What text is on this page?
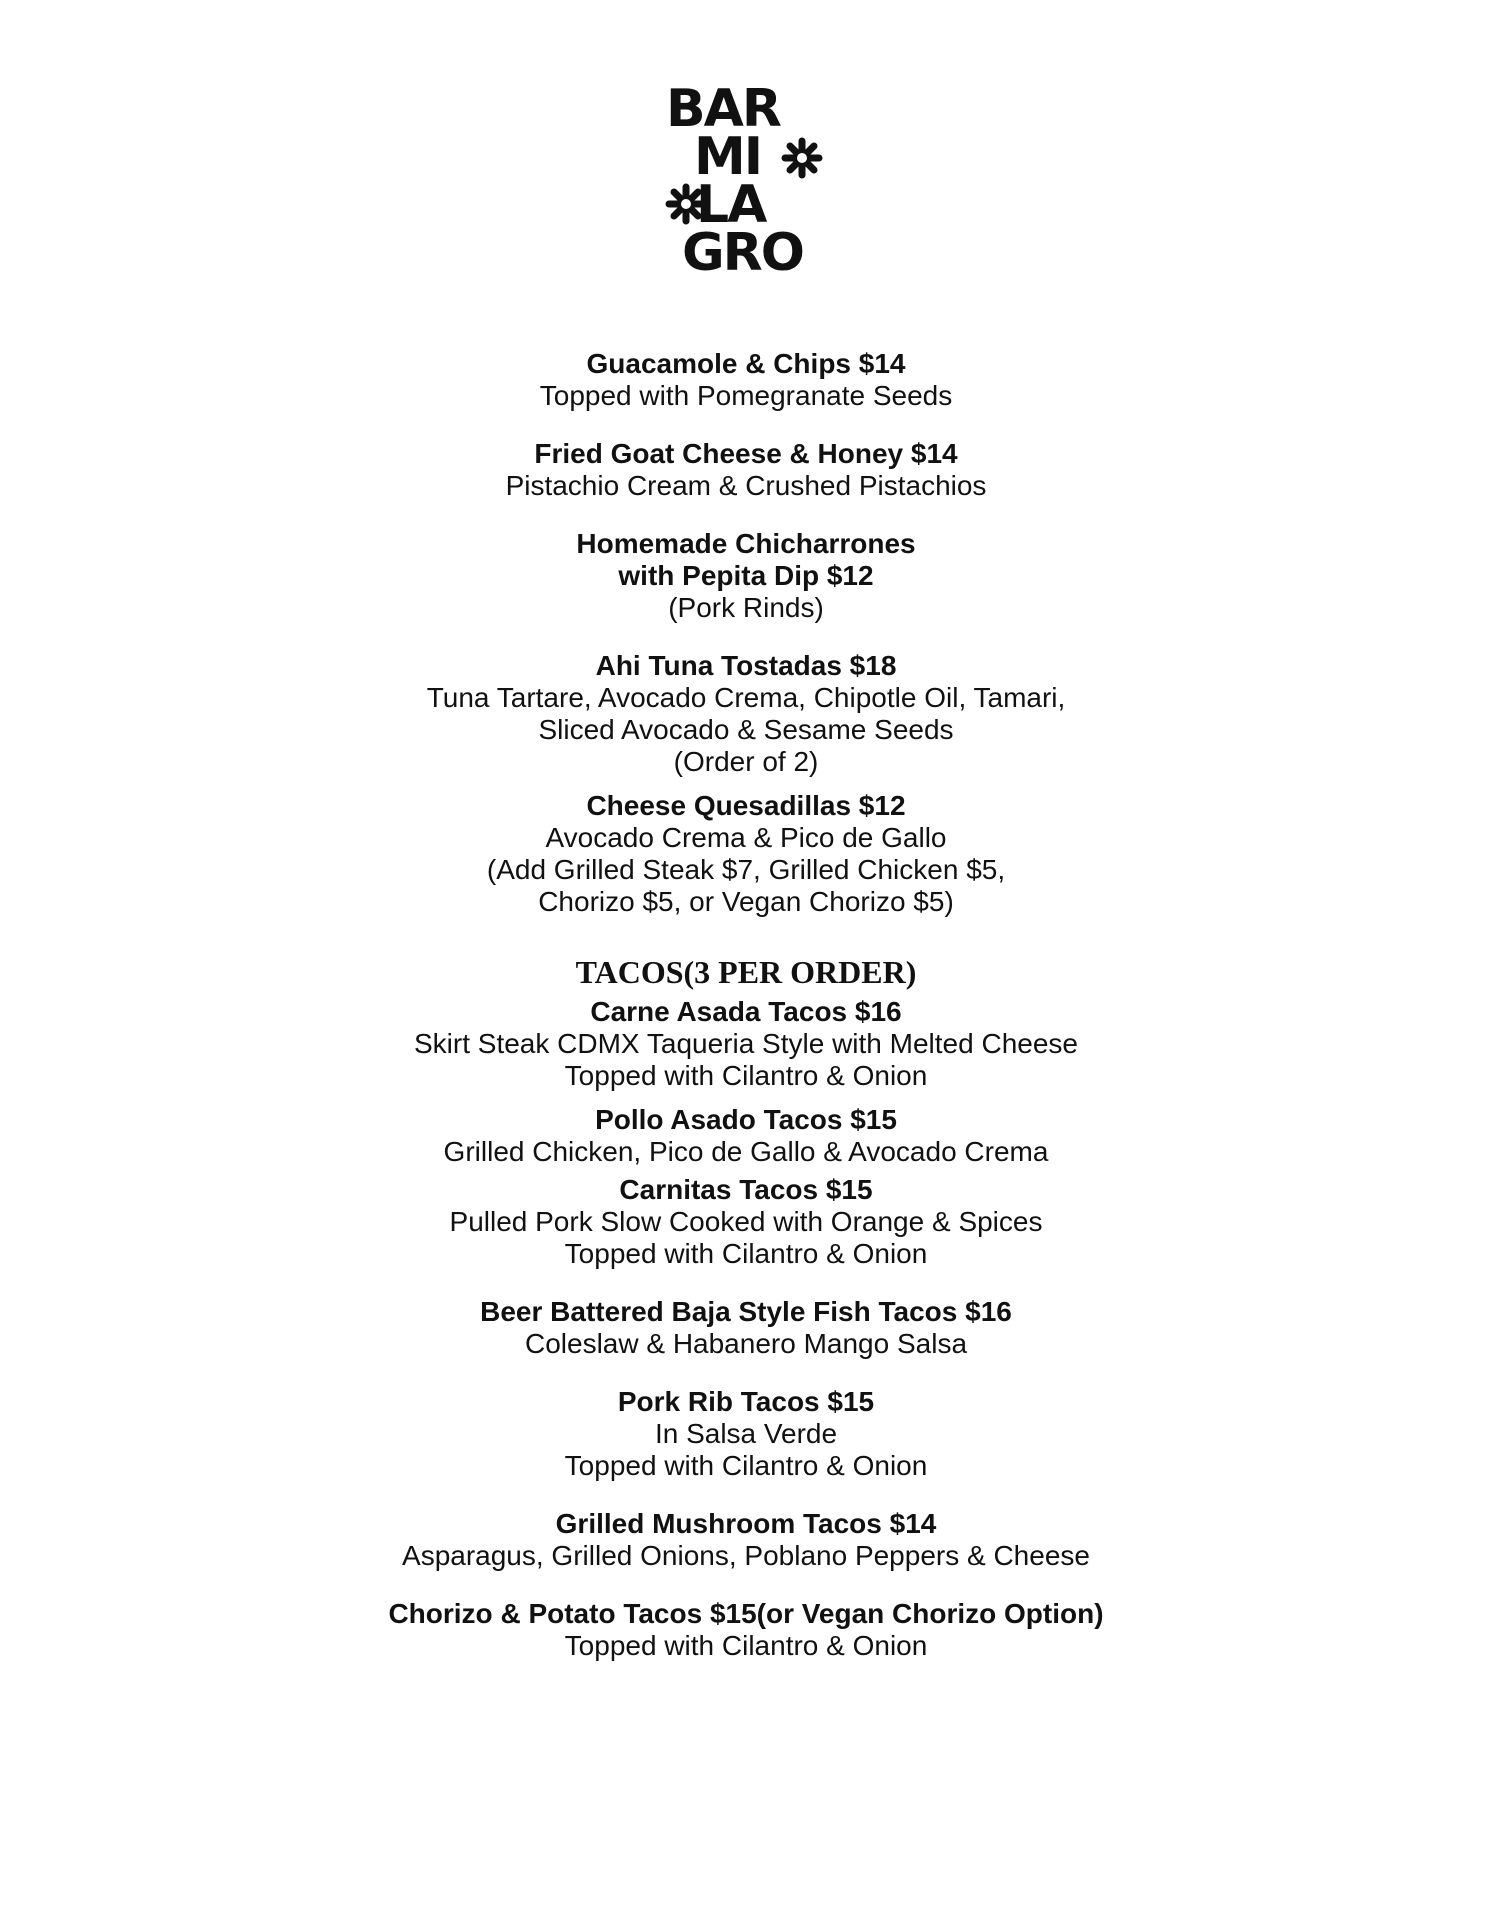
BAR
MI
LA
GRO
Guacamole & Chips $14
Topped with Pomegranate Seeds
Fried Goat Cheese & Honey $14
Pistachio Cream & Crushed Pistachios
Homemade Chicharrones
with Pepita Dip $12
(Pork Rinds)
Ahi Tuna Tostadas $18
Tuna Tartare, Avocado Crema, Chipotle Oil, Tamari,
Sliced Avocado & Sesame Seeds
(Order of 2)
Cheese Quesadillas $12
Avocado Crema & Pico de Gallo
(Add Grilled Steak $7, Grilled Chicken $5,
Chorizo $5, or Vegan Chorizo $5)
TACOS(3 PER ORDER)
Carne Asada Tacos $16
Skirt Steak CDMX Taqueria Style with Melted Cheese
Topped with Cilantro & Onion
Pollo Asado Tacos $15
Grilled Chicken, Pico de Gallo & Avocado Crema
Carnitas Tacos $15
Pulled Pork Slow Cooked with Orange & Spices
Topped with Cilantro & Onion
Beer Battered Baja Style Fish Tacos $16
Coleslaw & Habanero Mango Salsa
Pork Rib Tacos $15
In Salsa Verde
Topped with Cilantro & Onion
Grilled Mushroom Tacos $14
Asparagus, Grilled Onions, Poblano Peppers & Cheese
Chorizo & Potato Tacos $15(or Vegan Chorizo Option)
Topped with Cilantro & Onion
